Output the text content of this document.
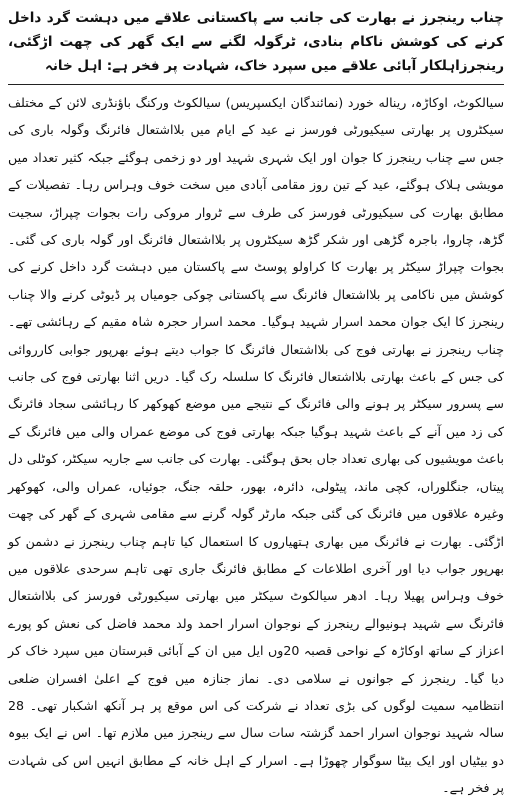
چناب رینجرز نے بھارت کی جانب سے پاکستانی علاقے میں دہشت گرد داخل کرنے کی کوشش ناکام بنادی، ٹرگولہ لگنے سے ایک گھر کی چھت اڑگئی، رینجرزاہلکار آبائی علاقے میں سپرد خاک، شہادت پر فخر ہے: اہل خانہ

سیالکوٹ، اوکاڑہ، ریناله خورد (نمائندگان ایکسپریس) سیالکوٹ ورکنگ باؤنڈری لائن کے مختلف سیکٹروں پر بھارتی سیکیورٹی فورسز نے عید کے ایام میں بلااشتعال فائرنگ وگولہ باری کی جس سے چناب رینجرز کا جوان اور ایک شہری شہید اور دو زخمی ہوگئے جبکہ کثیر تعداد میں مویشی ہلاک ہوگئے، عید کے تین روز مقامی آبادی میں سخت خوف وہراس رہا۔ تفصیلات کے مطابق بھارت کی سیکیورٹی فورسز کی طرف سے ٹروار مروکی رات بجوات چپراڑ، سجیت گڑھ، چاروا، باجرہ گڑھی اور شکر گڑھ سیکٹروں پر بلااشتعال فائرنگ اور گولہ باری کی گئی۔ بجوات چپراڑ سیکٹر پر بھارت کا کراولو پوسٹ سے پاکستان میں دہشت گرد داخل کرنے کی کوشش میں ناکامی پر بلااشتعال فائرنگ سے پاکستانی چوکی جومیاں پر ڈیوٹی کرنے والا چناب رینجرز کا ایک جوان محمد اسرار شہید ہوگیا۔ محمد اسرار حجرہ شاہ مقیم کے رہائشی تھے۔ چناب رینجرز نے بھارتی فوج کی بلااشتعال فائرنگ کا جواب دیتے ہوئے بھرپور جوابی کارروائی کی جس کے باعث بھارتی بلااشتعال فائرنگ کا سلسلہ رک گیا۔ دریں اثنا بھارتی فوج کی جانب سے پسرور سیکٹر پر ہونے والی فائرنگ کے نتیجے میں موضع کھوکھر کا رہائشی سجاد فائرنگ کی زد میں آنے کے باعث شہید ہوگیا جبکہ بھارتی فوج کی موضع عمراں والی میں فائرنگ کے باعث مویشیوں کی بھاری تعداد جاں بحق ہوگئی۔ بھارت کی جانب سے جاریہ سیکٹر، کوٹلی دل پیتاں، جنگلوراں، کچی ماند، پیٹولی، دائرہ، بھور، حلقہ جنگ، جوئیاں، عمراں والی، کھوکھر وغیرہ علاقوں میں فائرنگ کی گئی جبکہ مارٹر گولہ گرنے سے مقامی شہری کے گھر کی چھت اڑگئی۔ بھارت نے فائرنگ میں بھاری ہتھیاروں کا استعمال کیا تاہم چناب رینجرز نے دشمن کو بھرپور جواب دیا اور آخری اطلاعات کے مطابق فائرنگ جاری تھی تاہم سرحدی علاقوں میں خوف وہراس پھیلا رہا۔ ادھر سیالکوٹ سیکٹر میں بھارتی سیکیورٹی فورسز کی بلااشتعال فائرنگ سے شہید ہونیوالے رینجرز کے نوجوان اسرار احمد ولد محمد فاضل کی نعش کو پورے اعزاز کے ساتھ اوکاڑہ کے نواحی قصبہ 20وں ایل میں ان کے آبائی قبرستان میں سپرد خاک کر دیا گیا۔ رینجرز کے جوانوں نے سلامی دی۔ نماز جنازہ میں فوج کے اعلیٰ افسران ضلعی انتظامیہ سمیت لوگوں کی بڑی تعداد نے شرکت کی اس موقع پر ہر آنکھ اشکبار تھی۔ 28 سالہ شہید نوجوان اسرار احمد گزشتہ سات سال سے رینجرز میں ملازم تھا۔ اس نے ایک بیوہ دو بیٹیاں اور ایک بیٹا سوگوار چھوڑا ہے۔ اسرار کے اہل خانہ کے مطابق انہیں اس کی شہادت پر فخر ہے۔
